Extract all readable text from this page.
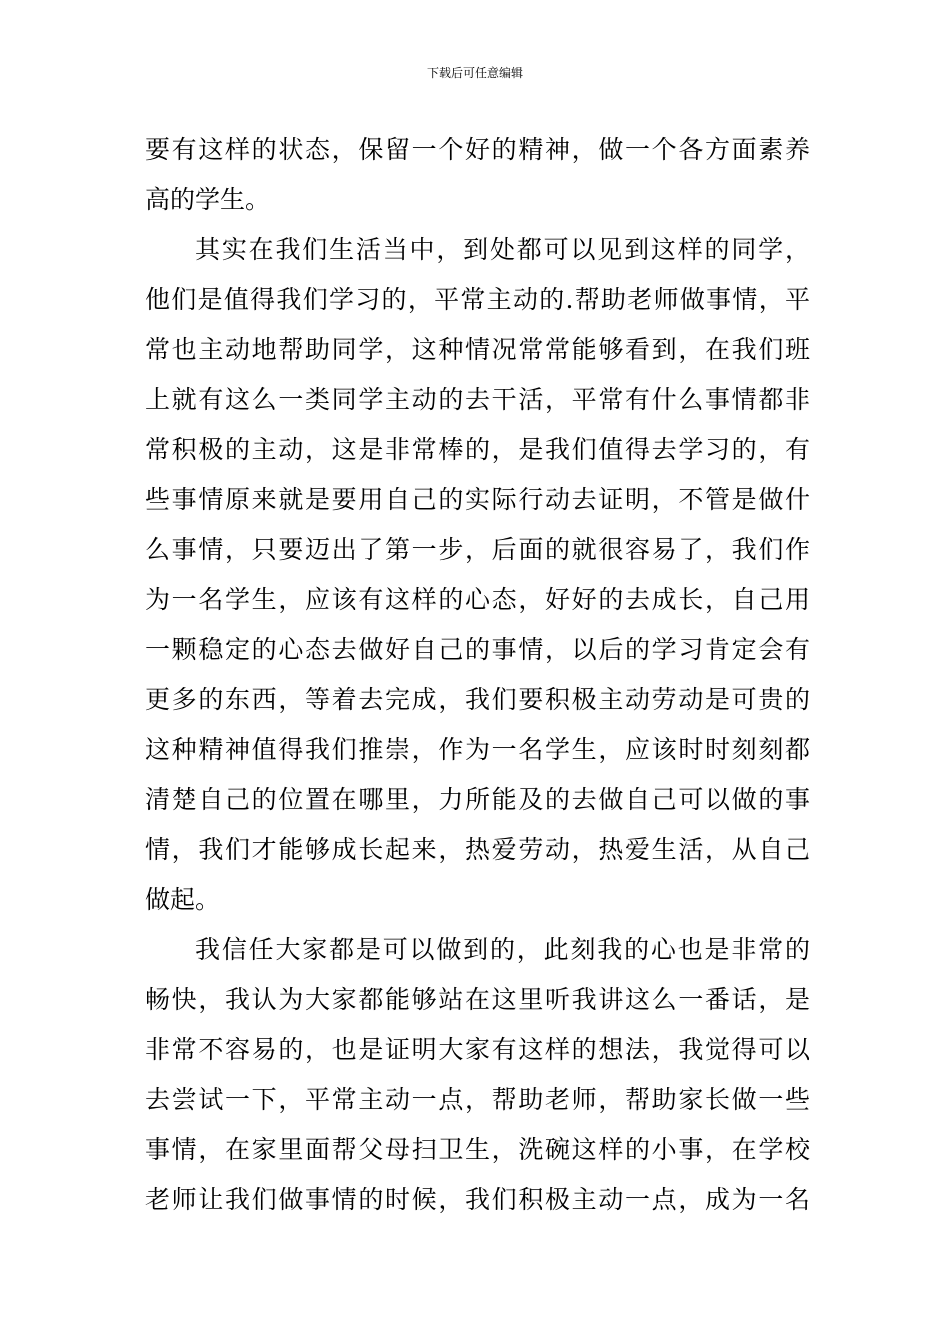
下载后可任意编辑
要有这样的状态，保留一个好的精神，做一个各方面素养
高的学生。
其实在我们生活当中，到处都可以见到这样的同学，
他们是值得我们学习的，平常主动的.帮助老师做事情，平
常也主动地帮助同学，这种情况常常能够看到，在我们班
上就有这么一类同学主动的去干活，平常有什么事情都非
常积极的主动，这是非常棒的，是我们值得去学习的，有
些事情原来就是要用自己的实际行动去证明，不管是做什
么事情，只要迈出了第一步，后面的就很容易了，我们作
为一名学生，应该有这样的心态，好好的去成长，自己用
一颗稳定的心态去做好自己的事情，以后的学习肯定会有
更多的东西，等着去完成，我们要积极主动劳动是可贵的
这种精神值得我们推崇，作为一名学生，应该时时刻刻都
清楚自己的位置在哪里，力所能及的去做自己可以做的事
情，我们才能够成长起来，热爱劳动，热爱生活，从自己
做起。
我信任大家都是可以做到的，此刻我的心也是非常的
畅快，我认为大家都能够站在这里听我讲这么一番话，是
非常不容易的，也是证明大家有这样的想法，我觉得可以
去尝试一下，平常主动一点，帮助老师，帮助家长做一些
事情，在家里面帮父母扫卫生，洗碗这样的小事，在学校
老师让我们做事情的时候，我们积极主动一点，成为一名
